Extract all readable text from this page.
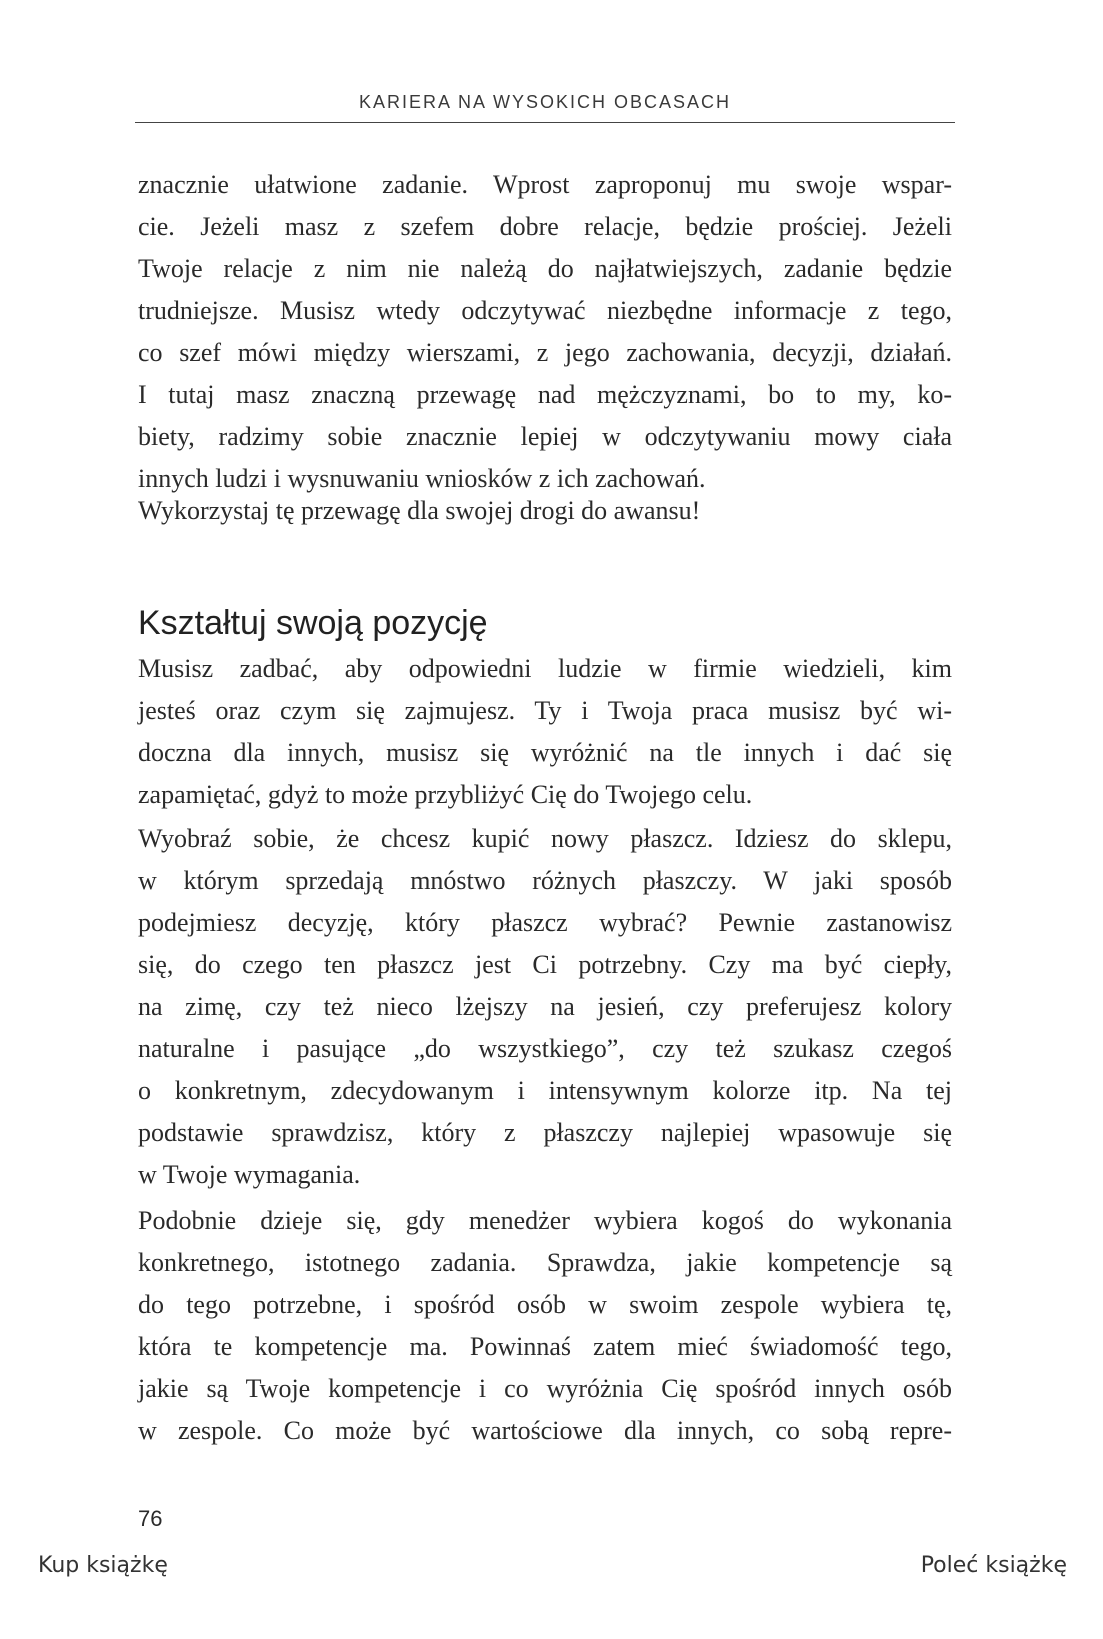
KARIERA NA WYSOKICH OBCASACH
znacznie ułatwione zadanie. Wprost zaproponuj mu swoje wspar-
cie. Jeżeli masz z szefem dobre relacje, będzie prościej. Jeżeli
Twoje relacje z nim nie należą do najłatwiejszych, zadanie będzie
trudniejsze. Musisz wtedy odczytywać niezbędne informacje z tego,
co szef mówi między wierszami, z jego zachowania, decyzji, działań.
I tutaj masz znaczną przewagę nad mężczyznami, bo to my, ko-
biety, radzimy sobie znacznie lepiej w odczytywaniu mowy ciała
innych ludzi i wysnuwaniu wniosków z ich zachowań.
Wykorzystaj tę przewagę dla swojej drogi do awansu!
Kształtuj swoją pozycję
Musisz zadbać, aby odpowiedni ludzie w firmie wiedzieli, kim
jesteś oraz czym się zajmujesz. Ty i Twoja praca musisz być wi-
doczna dla innych, musisz się wyróżnić na tle innych i dać się
zapamiętać, gdyż to może przybliżyć Cię do Twojego celu.
Wyobraź sobie, że chcesz kupić nowy płaszcz. Idziesz do sklepu,
w którym sprzedają mnóstwo różnych płaszczy. W jaki sposób
podejmiesz decyzję, który płaszcz wybrać? Pewnie zastanowisz
się, do czego ten płaszcz jest Ci potrzebny. Czy ma być ciepły,
na zimę, czy też nieco lżejszy na jesień, czy preferujesz kolory
naturalne i pasujące „do wszystkiego”, czy też szukasz czegoś
o konkretnym, zdecydowanym i intensywnym kolorze itp. Na tej
podstawie sprawdzisz, który z płaszczy najlepiej wpasowuje się
w Twoje wymagania.
Podobnie dzieje się, gdy menedżer wybiera kogoś do wykonania
konkretnego, istotnego zadania. Sprawdza, jakie kompetencje są
do tego potrzebne, i spośród osób w swoim zespole wybiera tę,
która te kompetencje ma. Powinnaś zatem mieć świadomość tego,
jakie są Twoje kompetencje i co wyróżnia Cię spośród innych osób
w zespole. Co może być wartościowe dla innych, co sobą repre-
76
Kup książkę	Poleć książkę
